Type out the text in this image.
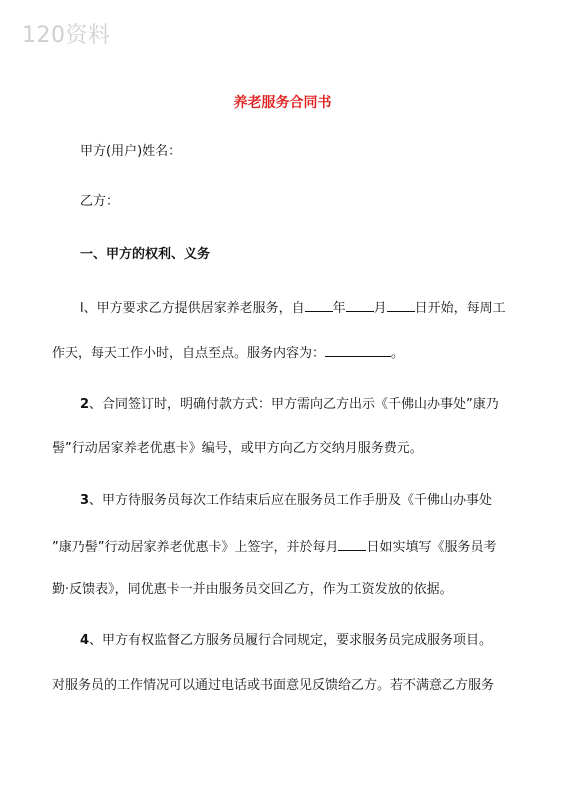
120资料
养老服务合同书
甲方(用户)姓名：
乙方：
一、甲方的权利、义务
l、甲方要求乙方提供居家养老服务，自 年 月 日开始，每周工
作天，每天工作小时，自点至点。服务内容为：	。
2、合同签订时，明确付款方式：甲方需向乙方出示《千佛山办事处”康乃
髻”行动居家养老优惠卡》编号，或甲方向乙方交纳月服务费元。
3、甲方待服务员每次工作结束后应在服务员工作手册及《千佛山办事处
”康乃髻”行动居家养老优惠卡》上签字，并於每月 日如实填写《服务员考
勤·反馈表》，同优惠卡一并由服务员交回乙方，作为工资发放的依据。
4、甲方有权监督乙方服务员履行合同规定，要求服务员完成服务项目。
对服务员的工作情况可以通过电话或书面意见反馈给乙方。若不满意乙方服务
